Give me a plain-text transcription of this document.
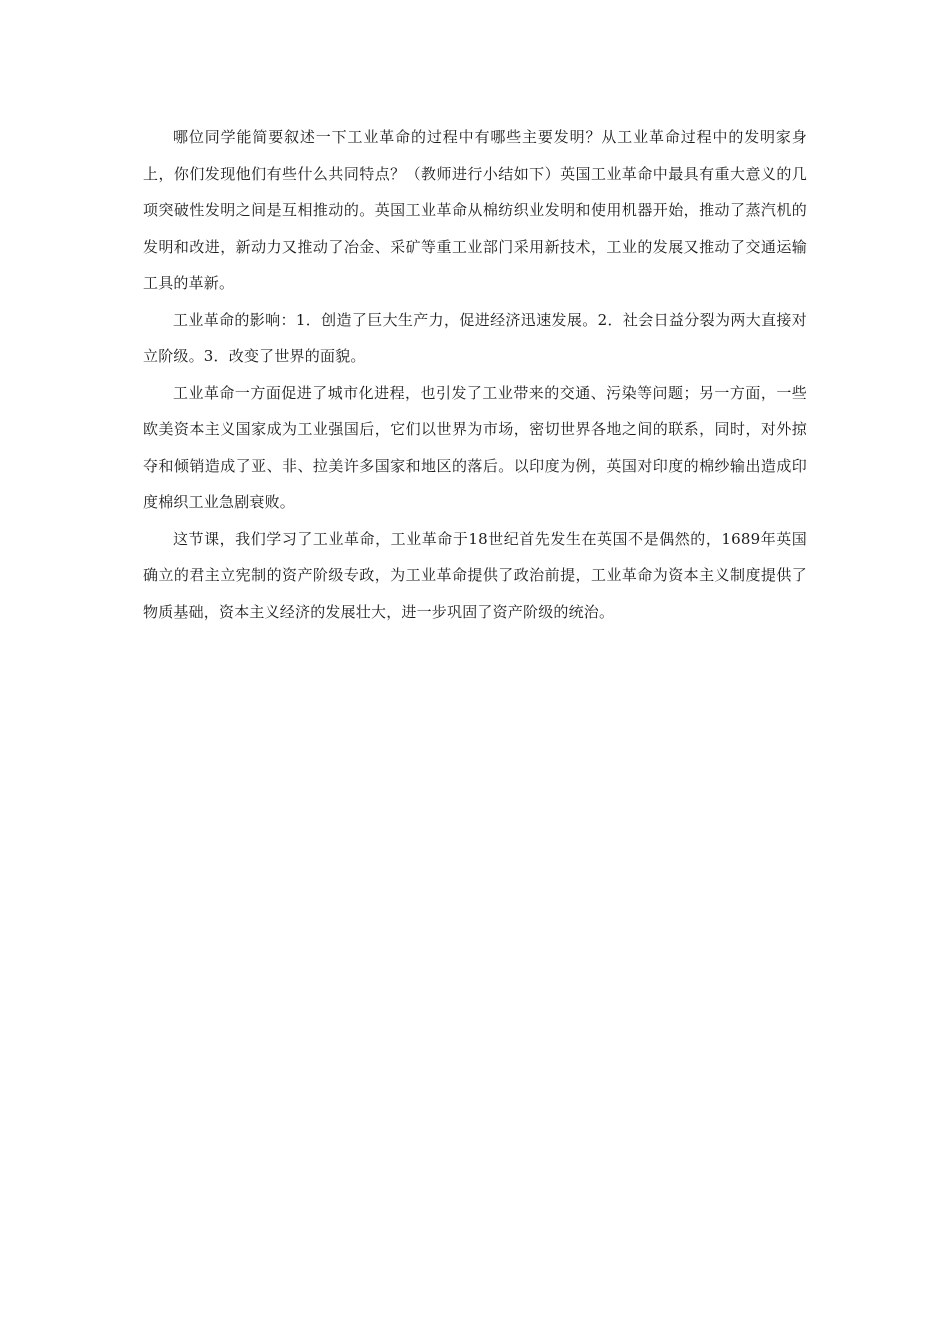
哪位同学能简要叙述一下工业革命的过程中有哪些主要发明？从工业革命过程中的发明家身上，你们发现他们有些什么共同特点？（教师进行小结如下）英国工业革命中最具有重大意义的几项突破性发明之间是互相推动的。英国工业革命从棉纺织业发明和使用机器开始，推动了蒸汽机的发明和改进，新动力又推动了冶金、采矿等重工业部门采用新技术，工业的发展又推动了交通运输工具的革新。

工业革命的影响：1．创造了巨大生产力，促进经济迅速发展。2．社会日益分裂为两大直接对立阶级。3．改变了世界的面貌。

工业革命一方面促进了城市化进程，也引发了工业带来的交通、污染等问题；另一方面，一些欧美资本主义国家成为工业强国后，它们以世界为市场，密切世界各地之间的联系，同时，对外掠夺和倾销造成了亚、非、拉美许多国家和地区的落后。以印度为例，英国对印度的棉纱输出造成印度棉织工业急剧衰败。

这节课，我们学习了工业革命，工业革命于18世纪首先发生在英国不是偶然的，1689年英国确立的君主立宪制的资产阶级专政，为工业革命提供了政治前提，工业革命为资本主义制度提供了物质基础，资本主义经济的发展壮大，进一步巩固了资产阶级的统治。
